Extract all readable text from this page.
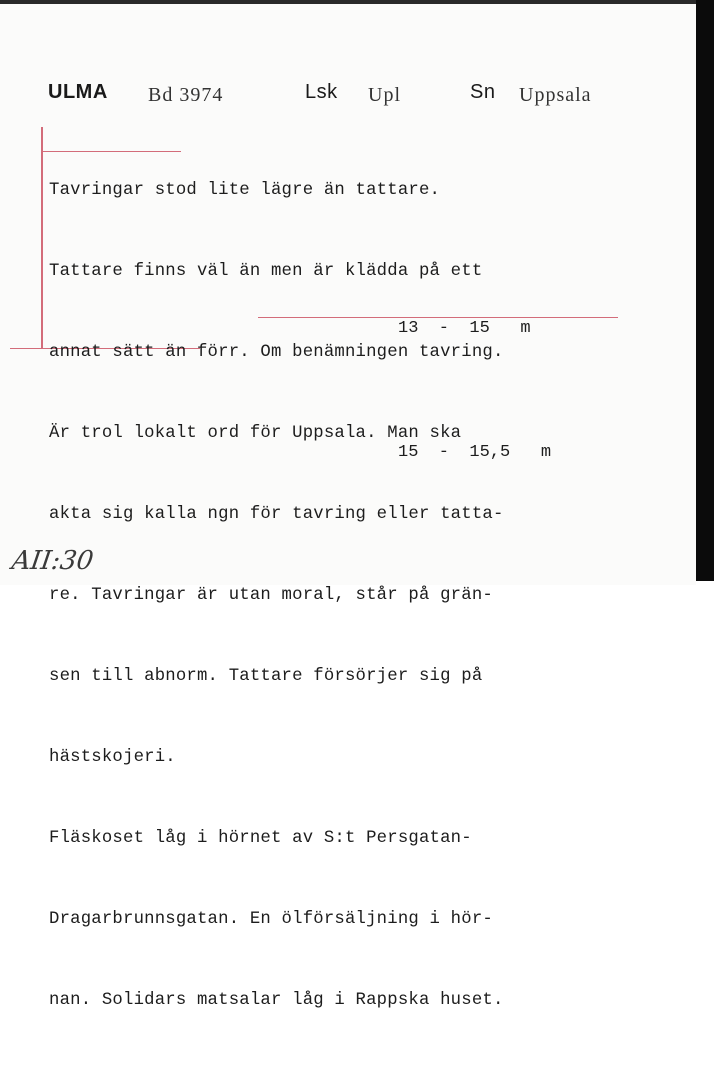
ULMA Bd 3974	Lsk Upl	Sn Uppsala

Tavringar stod lite lägre än tattare.

Tattare finns väl än men är klädda på ett

annat sätt än förr. Om benämningen tavring.

Är trol lokalt ord för Uppsala. Man ska

akta sig kalla ngn för tavring eller tatta-

re. Tavringar är utan moral, står på grän-

sen till abnorm. Tattare försörjer sig på

hästskojeri.

Fläskoset låg i hörnet av S:t Persgatan-

Dragarbrunnsgatan. En ölförsäljning i hör-

nan. Solidars matsalar låg i Rappska huset.

13  -  15   m
15  -  15,5   m
AII:30
